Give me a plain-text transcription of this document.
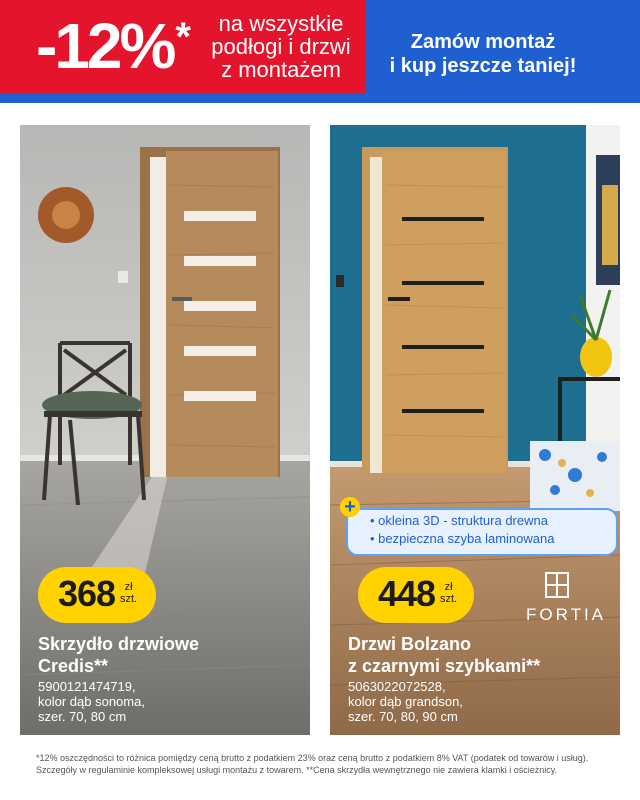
-12%*	na wszystkie
podłogi i drzwi
z montażem
Zamów montaż
i kup jeszcze taniej!
368 zł
szt.
Skrzydło drzwiowe
Credis**
5900121474719,
kolor dąb sonoma,
szer. 70, 80 cm
448 zł
szt.
FORTIA
Drzwi Bolzano
z czarnymi szybkami**
5063022072528,
kolor dąb grandson,
szer. 70, 80, 90 cm
+
• okleina 3D - struktura drewna
• bezpieczna szyba laminowana
*12% oszczędności to różnica pomiędzy ceną brutto z podatkiem 23% oraz ceną brutto z podatkiem 8% VAT (podatek od towarów i usług). Szczegóły w regulaminie kompleksowej usługi montażu z towarem. **Cena skrzydła wewnętrznego nie zawiera klamki i ościeżnicy.
